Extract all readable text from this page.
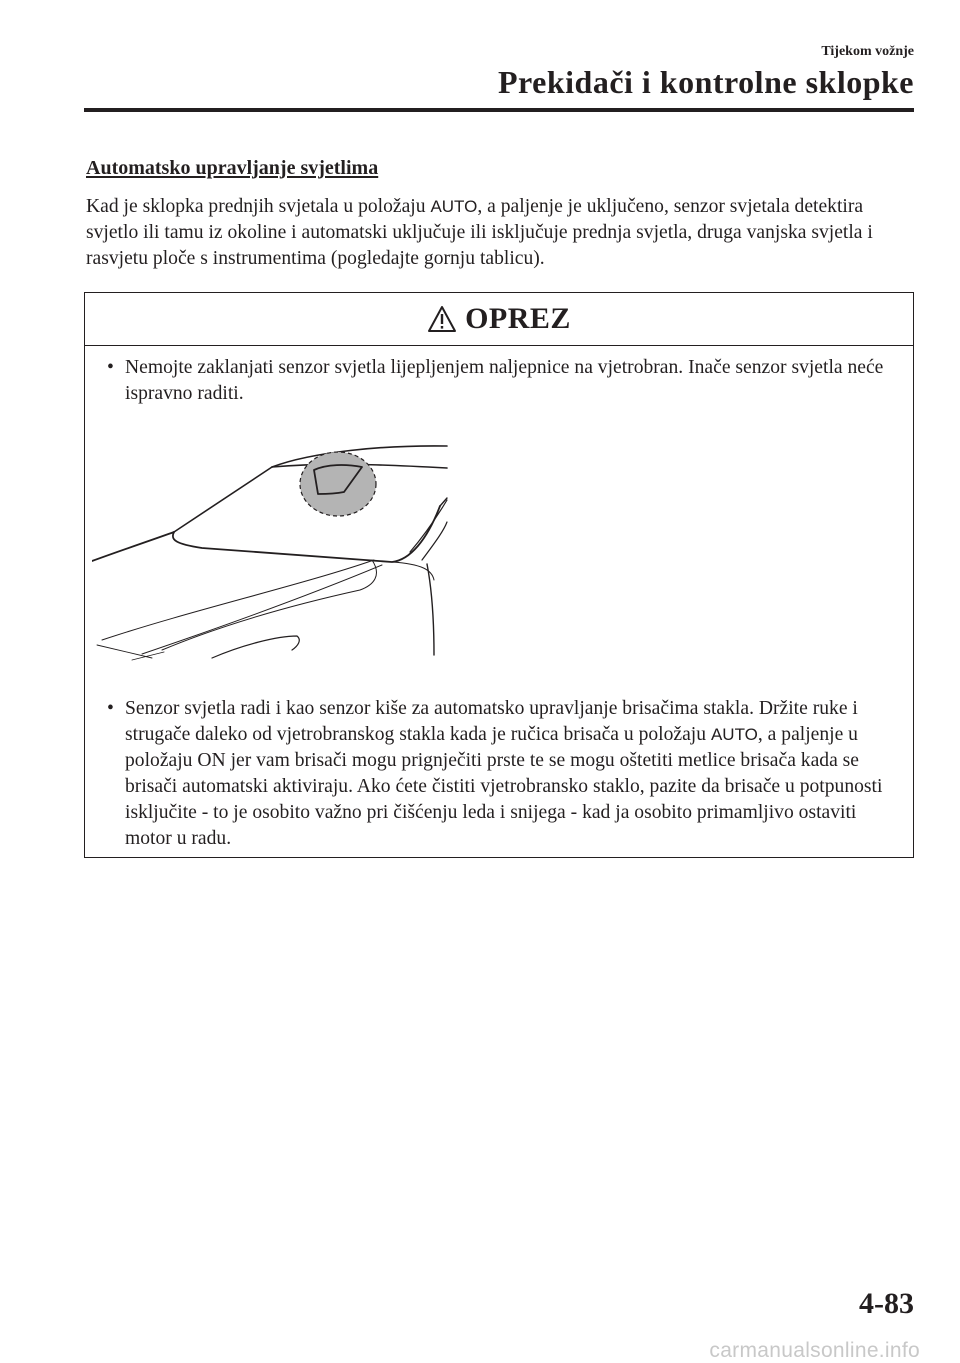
Tijekom vožnje
Prekidači i kontrolne sklopke
Automatsko upravljanje svjetlima

Kad je sklopka prednjih svjetala u položaju AUTO, a paljenje je uključeno, senzor svjetala detektira svjetlo ili tamu iz okoline i automatski uključuje ili isključuje prednja svjetla, druga vanjska svjetla i rasvjetu ploče s instrumentima (pogledajte gornju tablicu).

OPREZ
• Nemojte zaklanjati senzor svjetla lijepljenjem naljepnice na vjetrobran. Inače senzor svjetla neće ispravno raditi.
• Senzor svjetla radi i kao senzor kiše za automatsko upravljanje brisačima stakla. Držite ruke i strugače daleko od vjetrobranskog stakla kada je ručica brisača u položaju AUTO, a paljenje u položaju ON jer vam brisači mogu prignječiti prste te se mogu oštetiti metlice brisača kada se brisači automatski aktiviraju. Ako ćete čistiti vjetrobransko staklo, pazite da brisače u potpunosti isključite - to je osobito važno pri čišćenju leda i snijega - kad ja osobito primamljivo ostaviti motor u radu.
4-83
carmanualsonline.info
